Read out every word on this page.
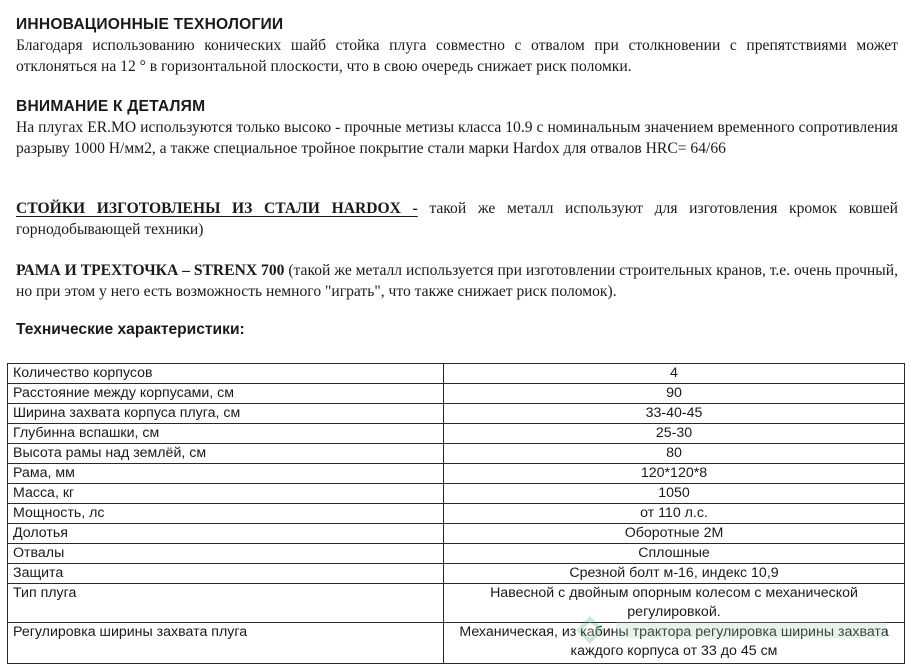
ИННОВАЦИОННЫЕ ТЕХНОЛОГИИ
Благодаря использованию конических шайб стойка плуга совместно с отвалом при столкновении с препятствиями может отклоняться на 12 ° в горизонтальной плоскости, что в свою очередь снижает риск поломки.
ВНИМАНИЕ К ДЕТАЛЯМ
На плугах ER.MO используются только высоко - прочные метизы класса 10.9 с номинальным значением временного сопротивления разрыву 1000 Н/мм2, а также специальное тройное покрытие стали марки Hardox для отвалов HRC= 64/66
СТОЙКИ ИЗГОТОВЛЕНЫ ИЗ СТАЛИ HARDOX - такой же металл используют для изготовления кромок ковшей горнодобывающей техники)
РАМА И ТРЕХТОЧКА – STRENX 700 (такой же металл используется при изготовлении строительных кранов, т.е. очень прочный, но при этом у него есть возможность немного "играть", что также снижает риск поломок).
Технические характеристики:
Количество корпусов	4
Расстояние между корпусами, см	90
Ширина захвата корпуса плуга, см	33-40-45
Глубинна вспашки, см	25-30
Высота рамы над землёй, см	80
Рама, мм	120*120*8
Масса, кг	1050
Мощность, лс	от 110 л.с.
Долотья	Оборотные 2М
Отвалы	Сплошные
Защита	Срезной болт м-16, индекс 10,9
Тип плуга	Навесной с двойным опорным колесом с механической регулировкой.
Регулировка ширины захвата плуга	Механическая, из кабины трактора регулировка ширины захвата каждого корпуса от 33 до 45 см
